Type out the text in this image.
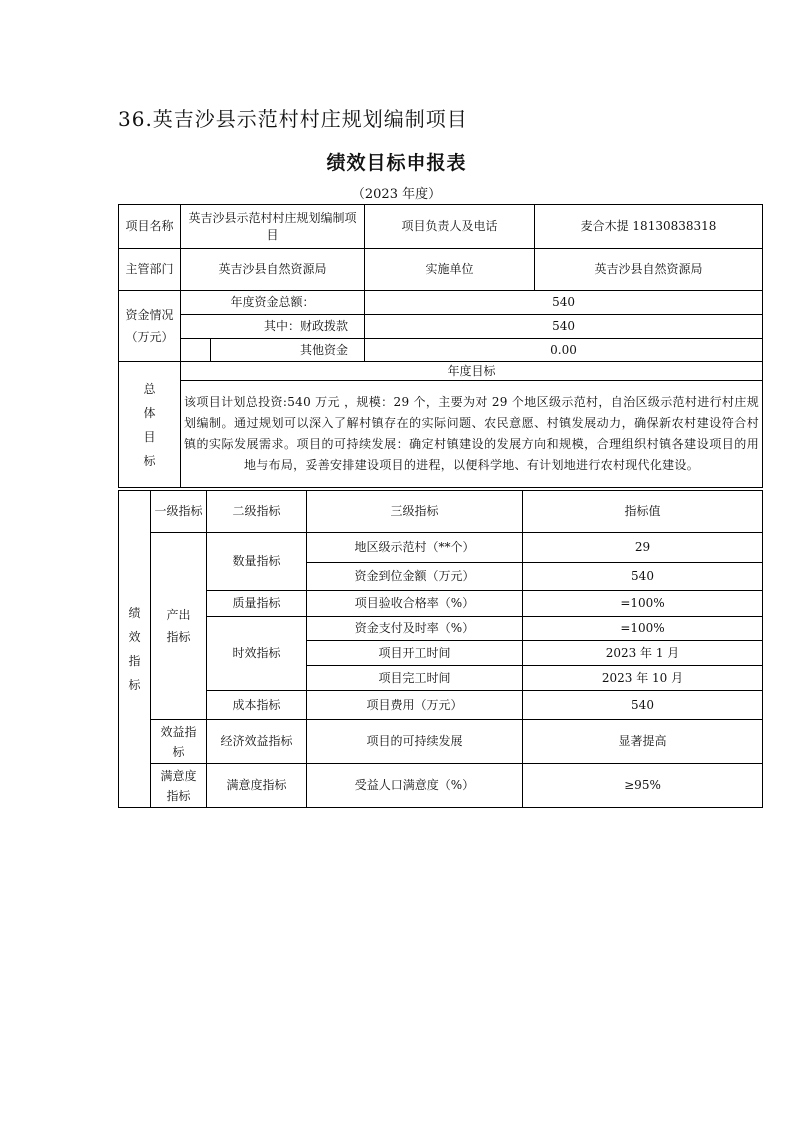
36.英吉沙县示范村村庄规划编制项目
绩效目标申报表
（2023 年度）
项目名称	英吉沙县示范村村庄规划编制项目		项目负责人及电话	麦合木提 18130838318
主管部门	英吉沙县自然资源局		实施单位	英吉沙县自然资源局
资金情况（万元）	年度资金总额：		540	
	其中：财政拨款		540	
		其他资金	0.00	
总体目标	年度目标			
	该项目计划总投资:540 万元 ，规模：29 个，主要为对 29 个地区级示范村，自治区级示范村进行村庄规划编制。通过规划可以深入了解村镇存在的实际问题、农民意愿、村镇发展动力，确保新农村建设符合村镇的实际发展需求。项目的可持续发展：确定村镇建设的发展方向和规模，合理组织村镇各建设项目的用地与布局，妥善安排建设项目的进程，以便科学地、有计划地进行农村现代化建设。			
绩效指标	一级指标	二级指标	三级指标	指标值
	产出指标	数量指标	地区级示范村（**个）	29
			资金到位金额（万元）	540
		质量指标	项目验收合格率（%）	=100%
		时效指标	资金支付及时率（%）	=100%
			项目开工时间	2023 年 1 月
			项目完工时间	2023 年 10 月
		成本指标	项目费用（万元）	540
	效益指标	经济效益指标	项目的可持续发展	显著提高
	满意度指标	满意度指标	受益人口满意度（%）	≥95%
